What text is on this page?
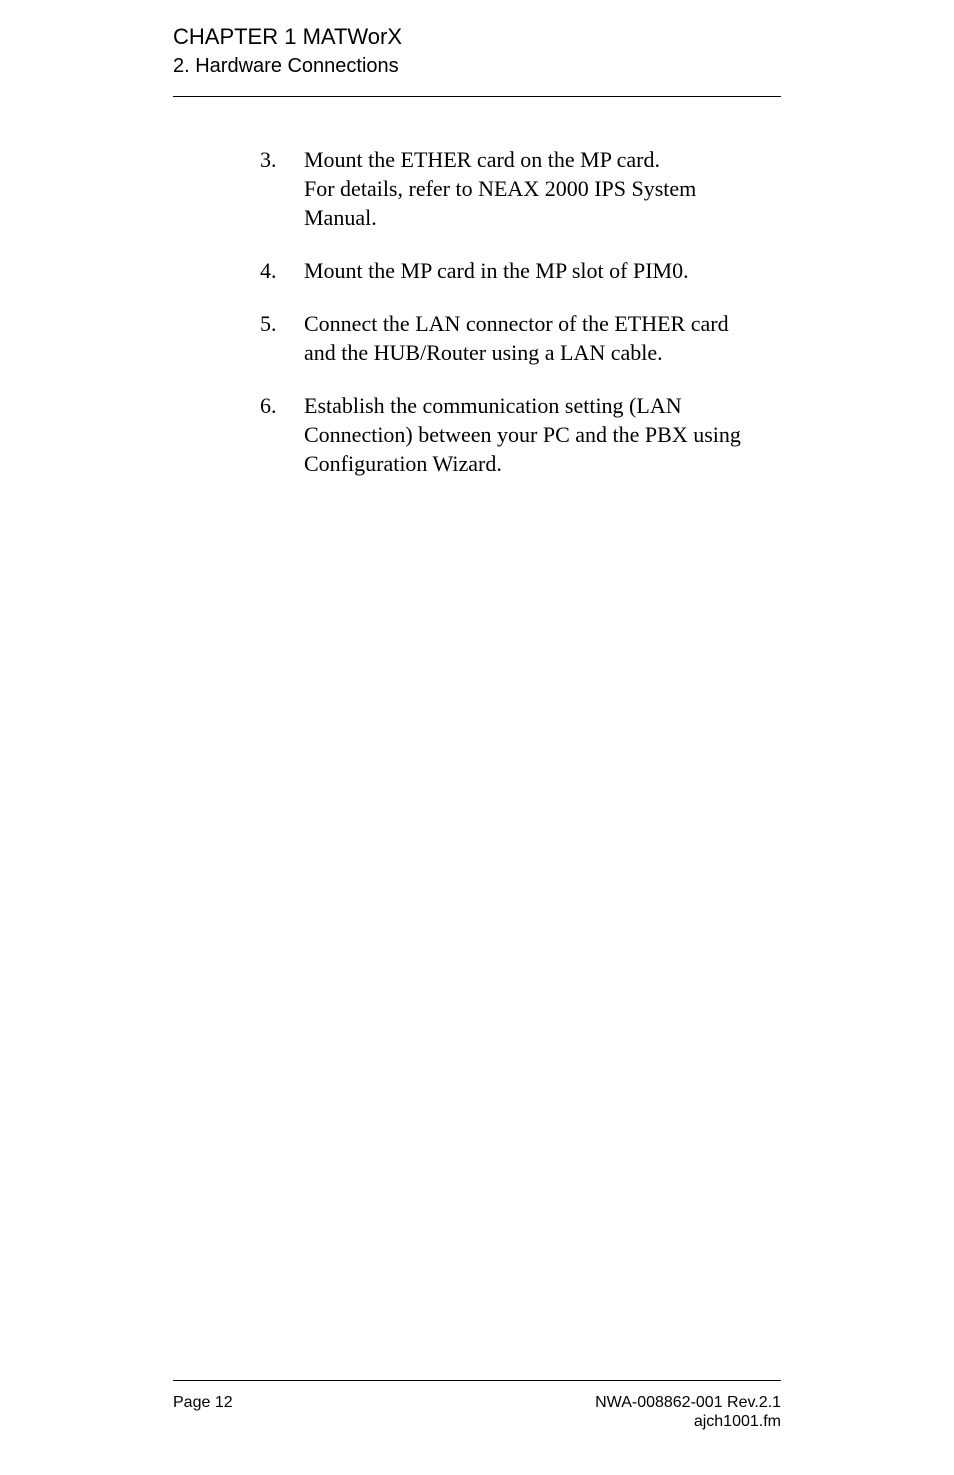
CHAPTER 1 MATWorX
2. Hardware Connections
3.	Mount the ETHER card on the MP card.
For details, refer to NEAX 2000 IPS System
Manual.
4.	Mount the MP card in the MP slot of PIM0.
5.	Connect the LAN connector of the ETHER card
and the HUB/Router using a LAN cable.
6.	Establish the communication setting (LAN
Connection) between your PC and the PBX using
Configuration Wizard.
Page 12	NWA-008862-001 Rev.2.1
ajch1001.fm
